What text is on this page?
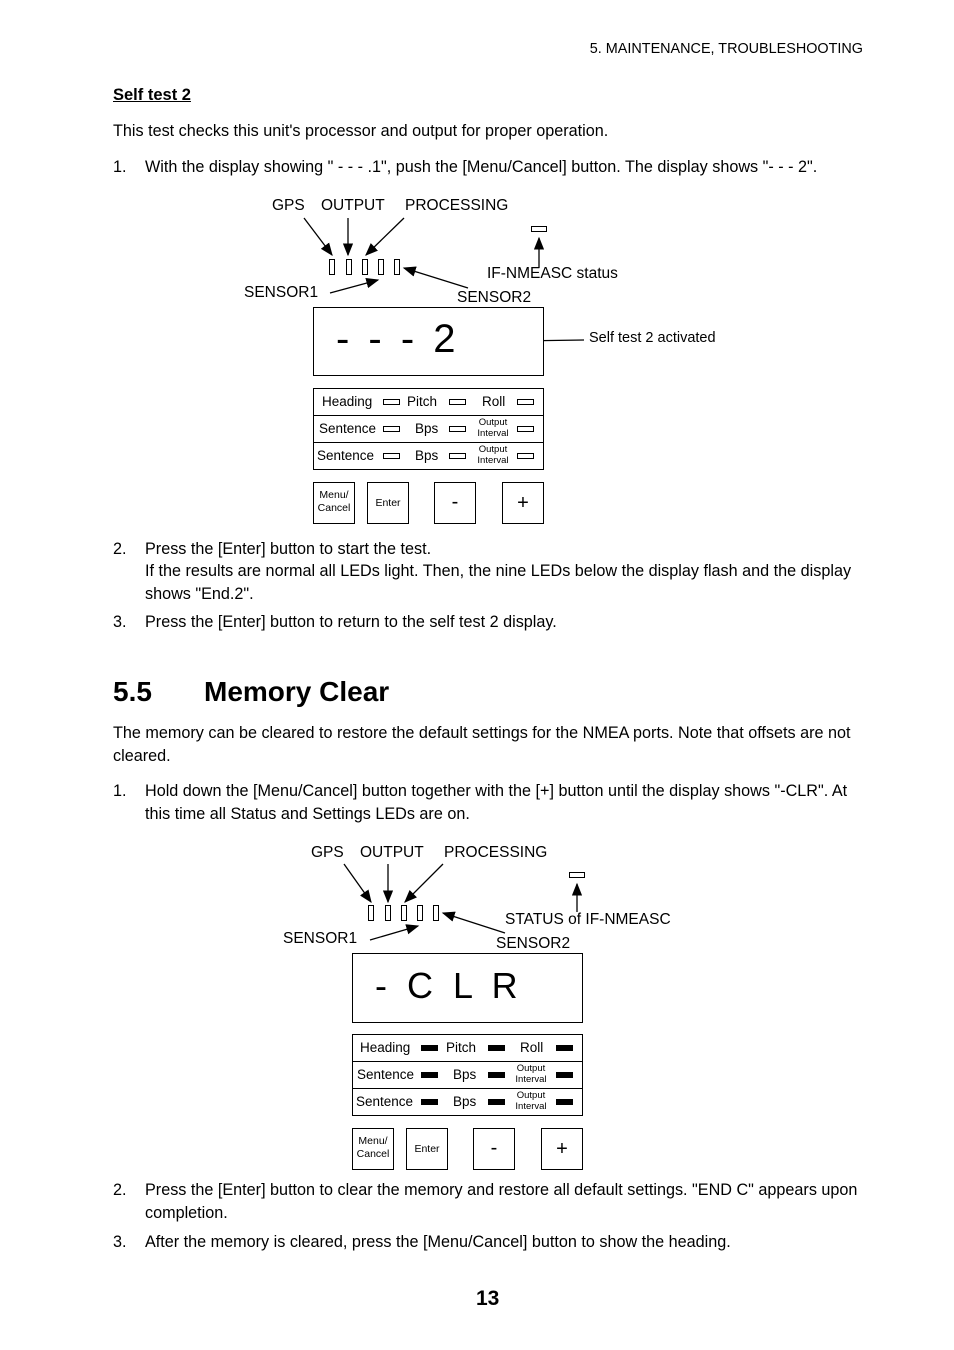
5. MAINTENANCE, TROUBLESHOOTING
Self test 2
This test checks this unit's processor and output for proper operation.
1. With the display showing " - - - .1", push the [Menu/Cancel] button. The display shows "- - - 2".
GPS OUTPUT PROCESSING
IF-NMEASC status
SENSOR1	SENSOR2
Self test 2 activated
- - - 2
Heading	Pitch	Roll
Sentence	Bps	Output
Interval
Sentence	Bps	Output
Interval
Menu/
Cancel	Enter	-	+
2. Press the [Enter] button to start the test.
If the results are normal all LEDs light. Then, the nine LEDs below the display flash and the display shows "End.2".
3. Press the [Enter] button to return to the self test 2 display.
5.5 Memory Clear
The memory can be cleared to restore the default settings for the NMEA ports. Note that offsets are not cleared.
1. Hold down the [Menu/Cancel] button together with the [+] button until the display shows "-CLR". At this time all Status and Settings LEDs are on.
GPS OUTPUT PROCESSING
STATUS of IF-NMEASC
SENSOR1	SENSOR2
- C L R
Heading	Pitch	Roll
Sentence	Bps	Output
Interval
Sentence	Bps	Output
Interval
Menu/
Cancel	Enter	-	+
2. Press the [Enter] button to clear the memory and restore all default settings. "END C" appears upon completion.
3. After the memory is cleared, press the [Menu/Cancel] button to show the heading.
13
